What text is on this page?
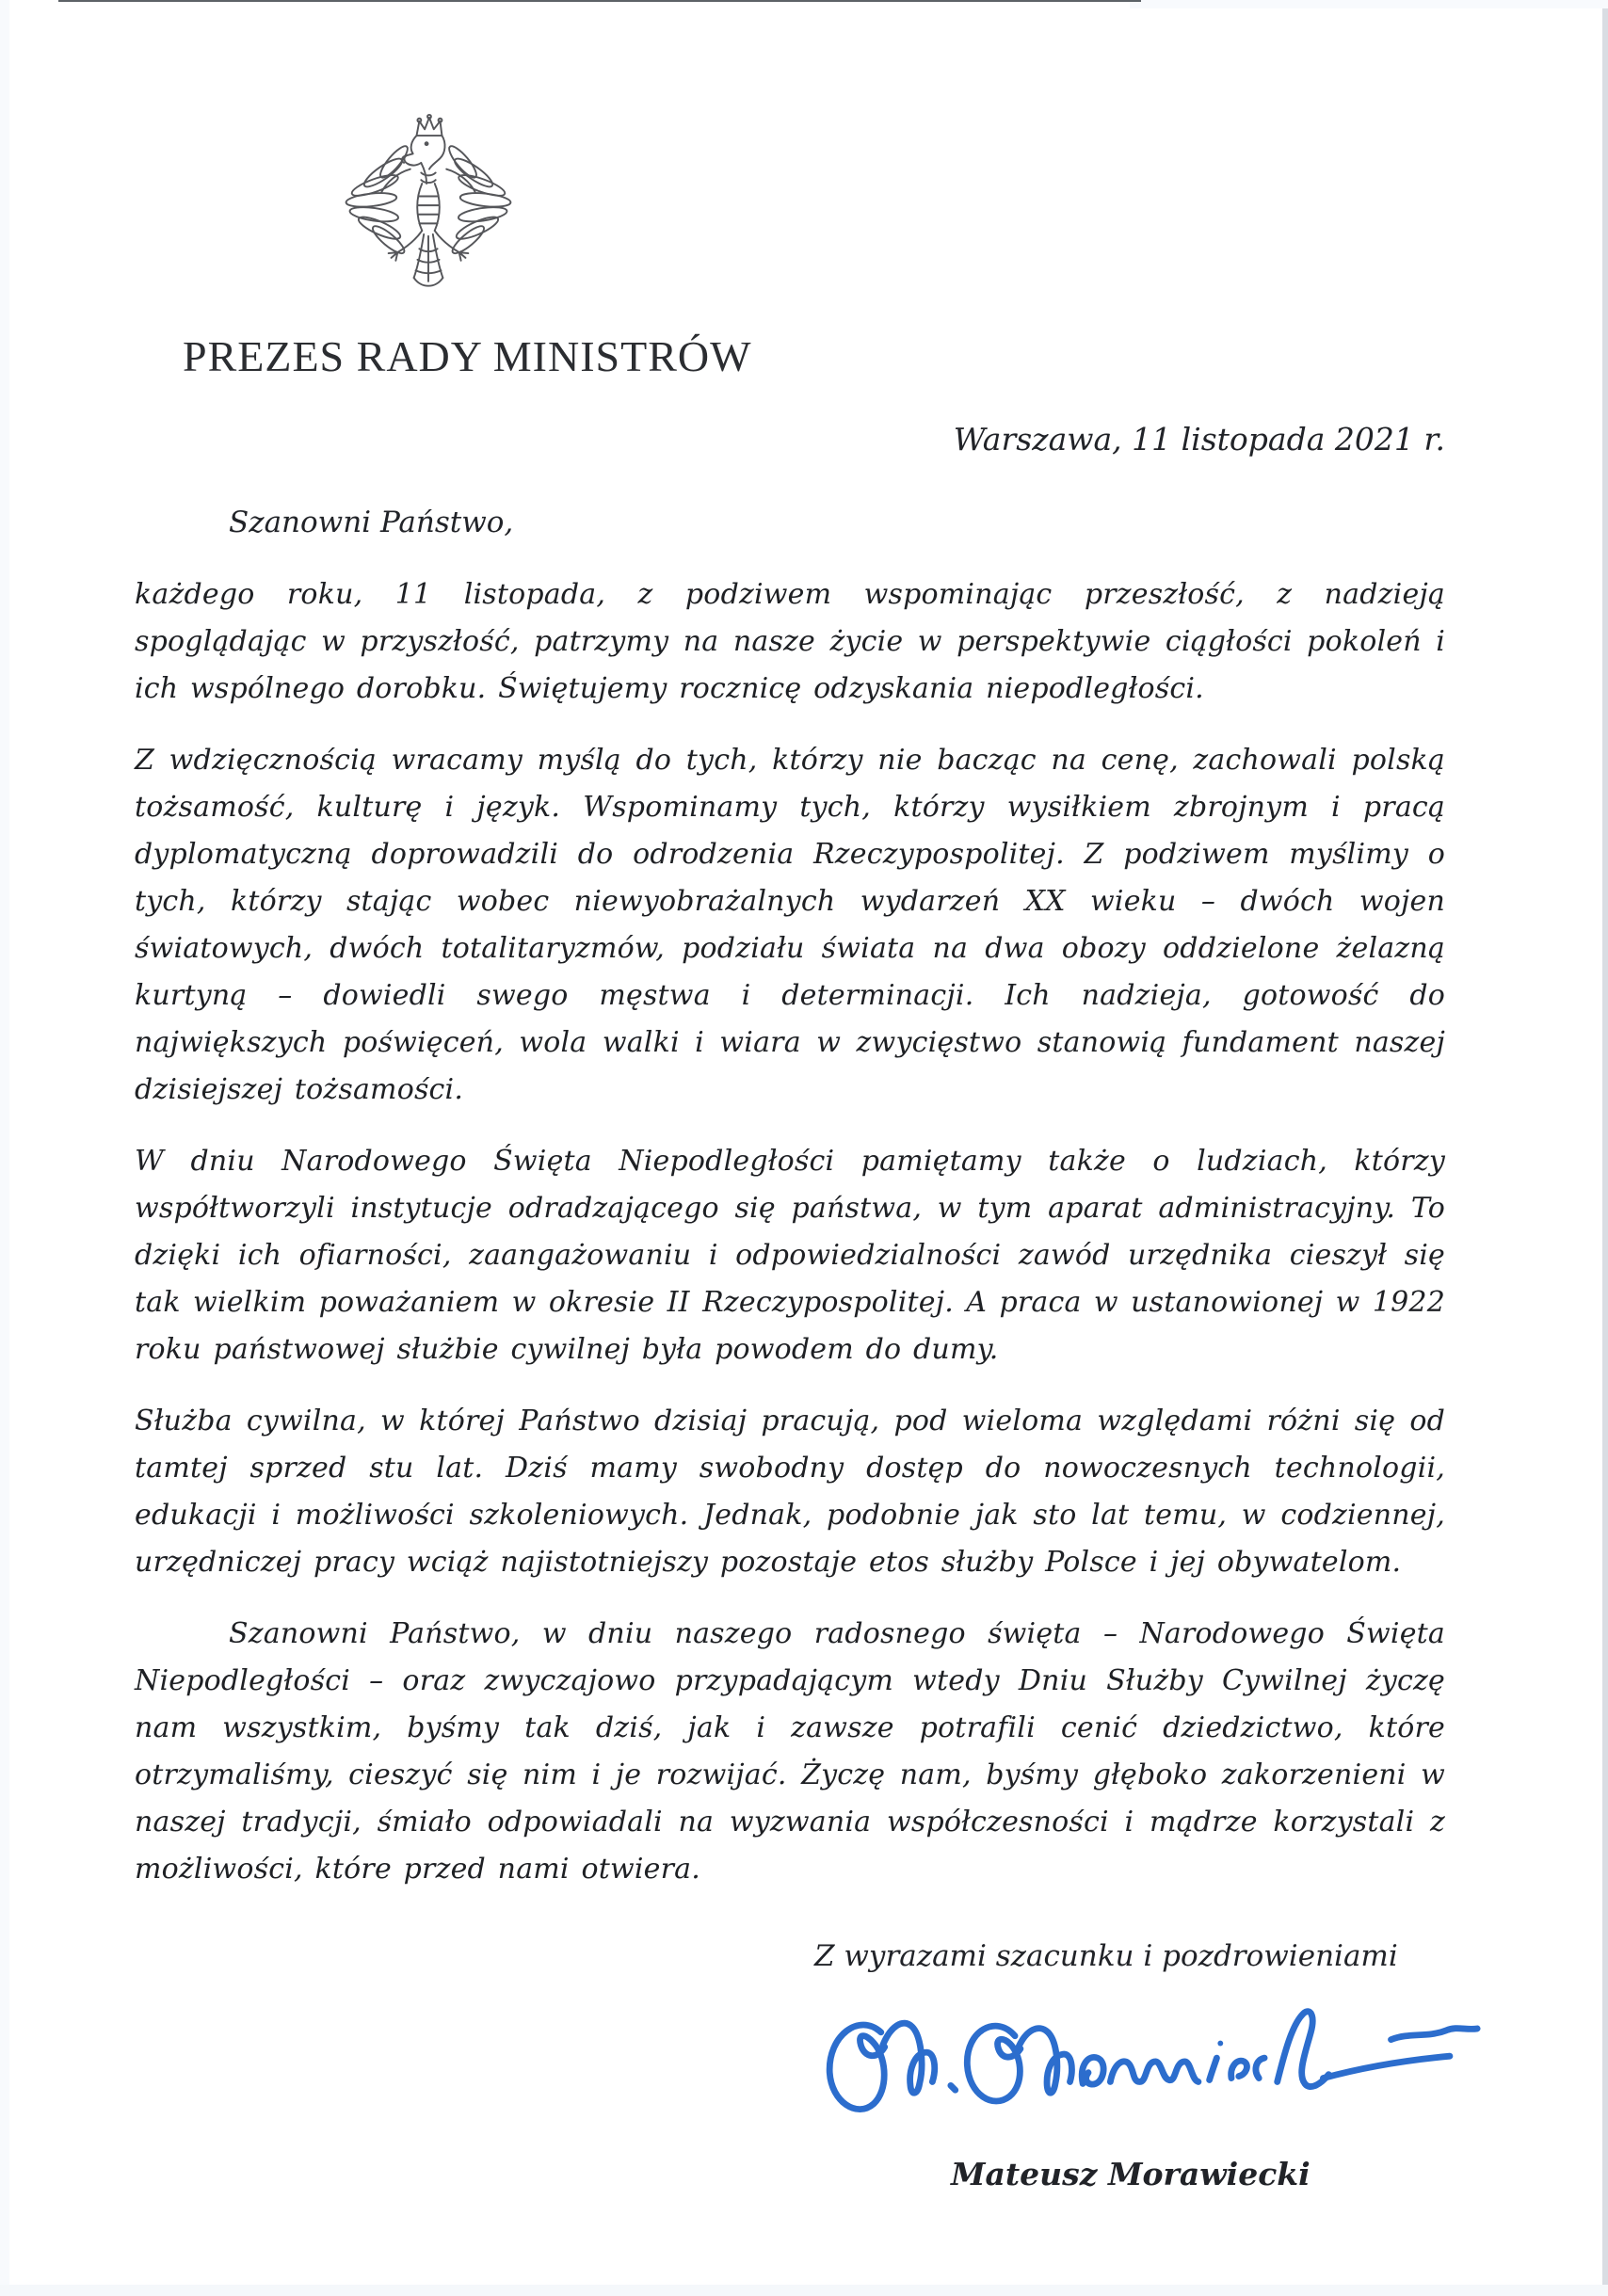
PREZES RADY MINISTRÓW
Warszawa, 11 listopada 2021 r.
Szanowni Państwo,

każdego roku, 11 listopada, z podziwem wspominając przeszłość, z nadzieją spoglądając w przyszłość, patrzymy na nasze życie w perspektywie ciągłości pokoleń i ich wspólnego dorobku. Świętujemy rocznicę odzyskania niepodległości.

Z wdzięcznością wracamy myślą do tych, którzy nie bacząc na cenę, zachowali polską tożsamość, kulturę i język. Wspominamy tych, którzy wysiłkiem zbrojnym i pracą dyplomatyczną doprowadzili do odrodzenia Rzeczypospolitej. Z podziwem myślimy o tych, którzy stając wobec niewyobrażalnych wydarzeń XX wieku – dwóch wojen światowych, dwóch totalitaryzmów, podziału świata na dwa obozy oddzielone żelazną kurtyną – dowiedli swego męstwa i determinacji. Ich nadzieja, gotowość do największych poświęceń, wola walki i wiara w zwycięstwo stanowią fundament naszej dzisiejszej tożsamości.

W dniu Narodowego Święta Niepodległości pamiętamy także o ludziach, którzy współtworzyli instytucje odradzającego się państwa, w tym aparat administracyjny. To dzięki ich ofiarności, zaangażowaniu i odpowiedzialności zawód urzędnika cieszył się tak wielkim poważaniem w okresie II Rzeczypospolitej. A praca w ustanowionej w 1922 roku państwowej służbie cywilnej była powodem do dumy.

Służba cywilna, w której Państwo dzisiaj pracują, pod wieloma względami różni się od tamtej sprzed stu lat. Dziś mamy swobodny dostęp do nowoczesnych technologii, edukacji i możliwości szkoleniowych. Jednak, podobnie jak sto lat temu, w codziennej, urzędniczej pracy wciąż najistotniejszy pozostaje etos służby Polsce i jej obywatelom.

Szanowni Państwo, w dniu naszego radosnego święta – Narodowego Święta Niepodległości – oraz zwyczajowo przypadającym wtedy Dniu Służby Cywilnej życzę nam wszystkim, byśmy tak dziś, jak i zawsze potrafili cenić dziedzictwo, które otrzymaliśmy, cieszyć się nim i je rozwijać. Życzę nam, byśmy głęboko zakorzenieni w naszej tradycji, śmiało odpowiadali na wyzwania współczesności i mądrze korzystali z możliwości, które przed nami otwiera.

Z wyrazami szacunku i pozdrowieniami
Mateusz Morawiecki
